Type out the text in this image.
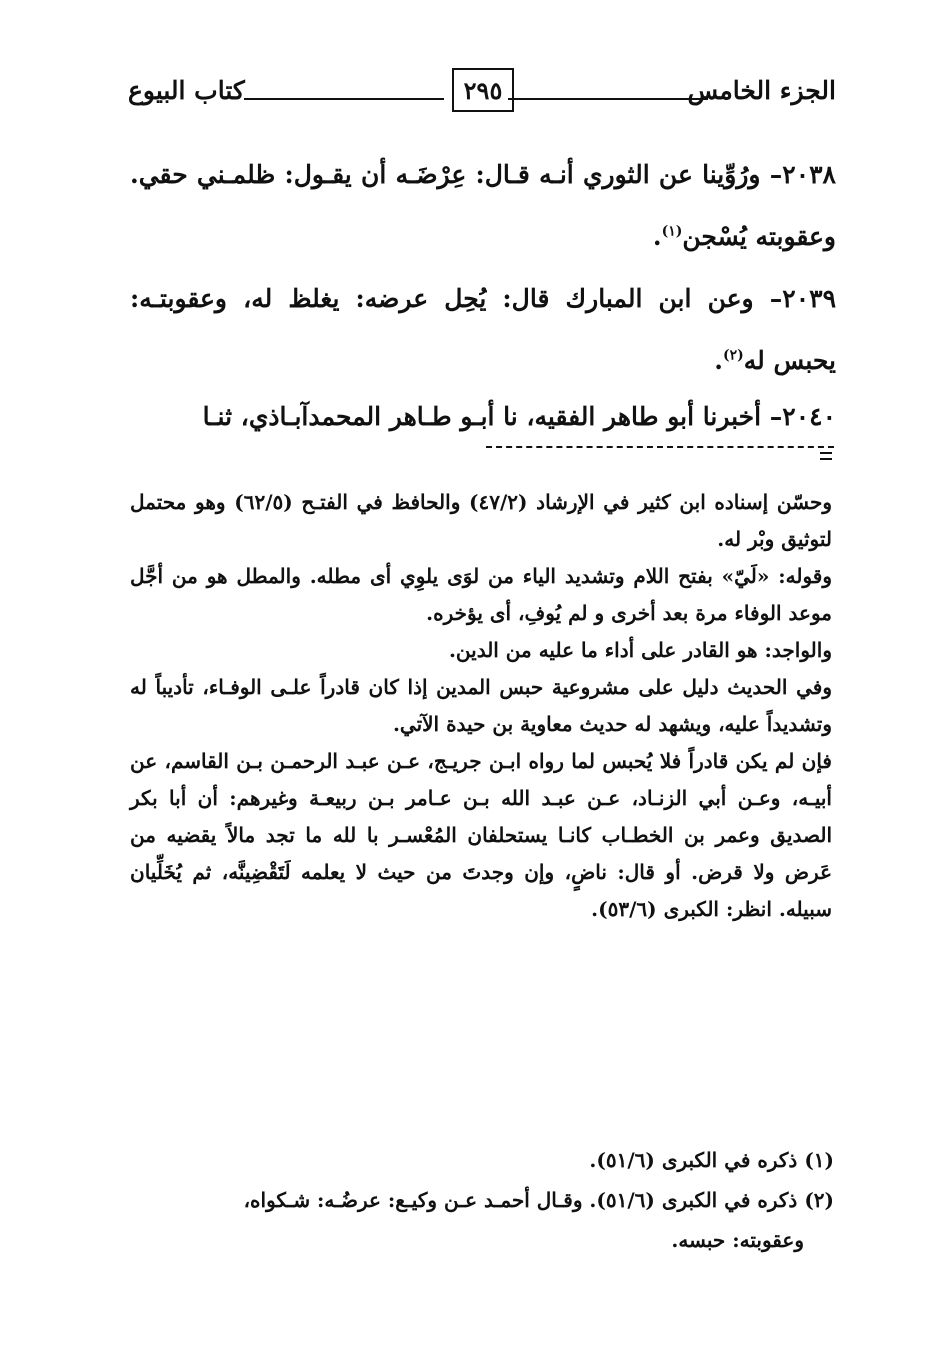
الجزء الخامس
٢٩٥
كتاب البيوع
٢٠٣٨– ورُوِّينا عن الثوري أنـه قـال: عِرْضَـه أن يقـول: ظلمـني حقي. وعقوبته يُسْجن$^{(١)}$.
٢٠٣٩– وعن ابن المبارك قال: يُحِل عرضه: يغلظ له، وعقوبتـه: يحبس له$^{(٢)}$.
٢٠٤٠– أخبرنا أبو طاهر الفقيه، نا أبـو طـاهر المحمدآبـاذي، ثنـا

وحسّن إسناده ابن كثير في الإرشاد (٤٧/٢) والحافظ في الفتـح (٦٢/٥) وهو محتمل لتوثيق وبْر له.

وقوله: «لَيّ» بفتح اللام وتشديد الياء من لوَى يلوِي أى مطله. والمطل هو من أجَّل موعد الوفاء مرة بعد أخرى و لم يُوفِ، أى يؤخره.

والواجد: هو القادر على أداء ما عليه من الدين.

وفي الحديث دليل على مشروعية حبس المدين إذا كان قادراً علـى الوفـاء، تأديباً له وتشديداً عليه، ويشهد له حديث معاوية بن حيدة الآتي.

فإن لم يكن قادراً فلا يُحبس لما رواه ابـن جريـج، عـن عبـد الرحمـن بـن القاسم، عن أبيـه، وعـن أبي الزنـاد، عـن عبـد الله بـن عـامر بـن ربيعـة وغيرهم: أن أبا بكر الصديق وعمر بن الخطـاب كانـا يستحلفان المُعْسـر با لله ما تجد مالاً يقضيه من عَرض ولا قرض. أو قال: ناضٍ، وإن وجدتَ من حيث لا يعلمه لَتَقْضِينَّه، ثم يُخَلِّيان سبيله. انظر: الكبرى (٥٣/٦).

(١) ذكره في الكبرى (٥١/٦).

(٢) ذكره في الكبرى (٥١/٦). وقـال أحمـد عـن وكيـع: عرضُـه: شـكواه،

وعقوبته: حبسه.
